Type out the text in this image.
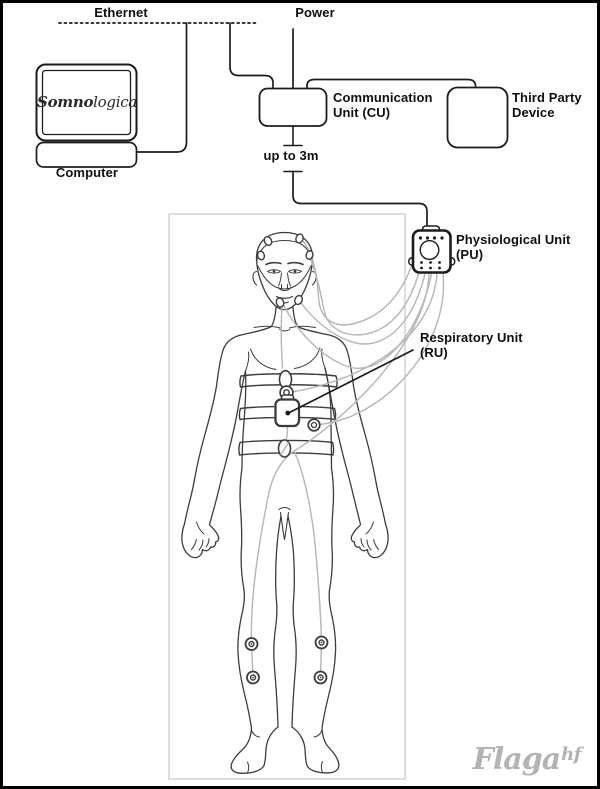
Ethernet	Power
Somno logica
Computer
Communication Unit (CU)
Third Party Device
up to 3m
Physiological Unit (PU)
Respiratory Unit (RU)
Flagahf
